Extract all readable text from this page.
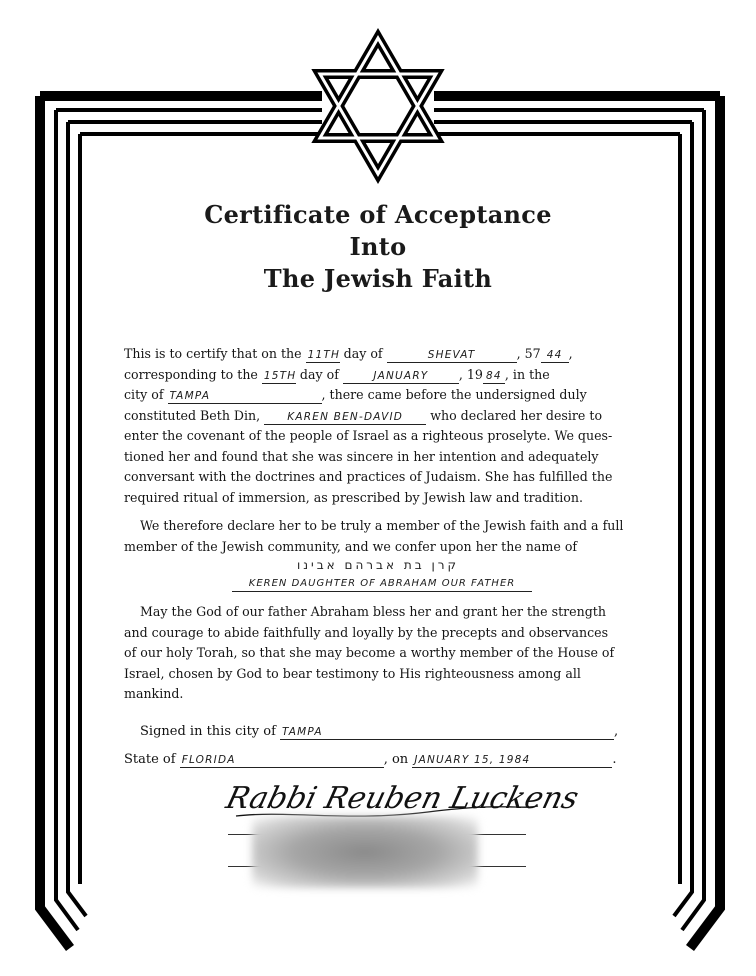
Certificate of Acceptance
Into
The Jewish Faith
This is to certify that on the 11TH day of	SHEVAT	, 57 44 ,
corresponding to the 15TH day of	JANUARY , 19 84 , in the
city of TAMPA	, there came before the undersigned duly
constituted Beth Din,	KAREN BEN-DAVID who declared her desire to
enter the covenant of the people of Israel as a righteous proselyte. We ques-
tioned her and found that she was sincere in her intention and adequately
conversant with the doctrines and practices of Judaism. She has fulfilled the
required ritual of immersion, as prescribed by Jewish law and tradition.
We therefore declare her to be truly a member of the Jewish faith and a full
member of the Jewish community, and we confer upon her the name of
קרן בת אברהם אבינו
KEREN DAUGHTER OF ABRAHAM OUR FATHER
May the God of our father Abraham bless her and grant her the strength
and courage to abide faithfully and loyally by the precepts and observances
of our holy Torah, so that she may become a worthy member of the House of
Israel, chosen by God to bear testimony to His righteousness among all
mankind.
Signed in this city of TAMPA	,
State of FLORIDA	, on JANUARY 15, 1984	.
Rabbi Reuben Luckens
